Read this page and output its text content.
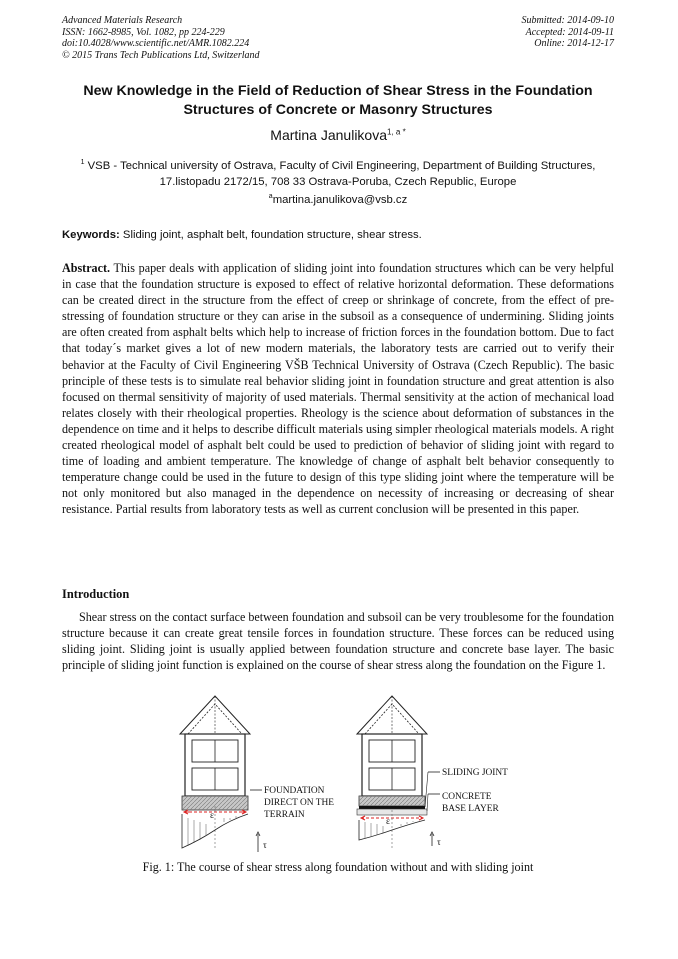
Advanced Materials Research
ISSN: 1662-8985, Vol. 1082, pp 224-229
doi:10.4028/www.scientific.net/AMR.1082.224
© 2015 Trans Tech Publications Ltd, Switzerland
Submitted: 2014-09-10
Accepted: 2014-09-11
Online: 2014-12-17
New Knowledge in the Field of Reduction of Shear Stress in the Foundation Structures of Concrete or Masonry Structures
Martina Janulikova$^{1, a *}$
$^1$ VSB - Technical university of Ostrava, Faculty of Civil Engineering, Department of Building Structures, 17.listopadu 2172/15, 708 33 Ostrava-Poruba, Czech Republic, Europe
$^a$martina.janulikova@vsb.cz
Keywords: Sliding joint, asphalt belt, foundation structure, shear stress.
Abstract. This paper deals with application of sliding joint into foundation structures which can be very helpful in case that the foundation structure is exposed to effect of relative horizontal deformation. These deformations can be created direct in the structure from the effect of creep or shrinkage of concrete, from the effect of pre-stressing of foundation structure or they can arise in the subsoil as a consequence of undermining. Sliding joints are often created from asphalt belts which help to increase of friction forces in the foundation bottom. Due to fact that today´s market gives a lot of new modern materials, the laboratory tests are carried out to verify their behavior at the Faculty of Civil Engineering VŠB Technical University of Ostrava (Czech Republic). The basic principle of these tests is to simulate real behavior sliding joint in foundation structure and great attention is also focused on thermal sensitivity of majority of used materials. Thermal sensitivity at the action of mechanical load relates closely with their rheological properties. Rheology is the science about deformation of substances in the dependence on time and it helps to describe difficult materials using simpler rheological materials models. A right created rheological model of asphalt belt could be used to prediction of behavior of sliding joint with regard to time of loading and ambient temperature. The knowledge of change of asphalt belt behavior consequently to temperature change could be used in the future to design of this type sliding joint where the temperature will be not only monitored but also managed in the dependence on necessity of increasing or decreasing of shear resistance. Partial results from laboratory tests as well as current conclusion will be presented in this paper.
Introduction
Shear stress on the contact surface between foundation and subsoil can be very troublesome for the foundation structure because it can create great tensile forces in foundation structure. These forces can be reduced using sliding joint. Sliding joint is usually applied between foundation structure and concrete base layer. The basic principle of sliding joint function is explained on the course of shear stress along the foundation on the Figure 1.
ε
FOUNDATION
DIRECT ON THE
TERRAIN
τ
ε
SLIDING JOINT
CONCRETE
BASE LAYER
τ
Fig. 1: The course of shear stress along foundation without and with sliding joint
